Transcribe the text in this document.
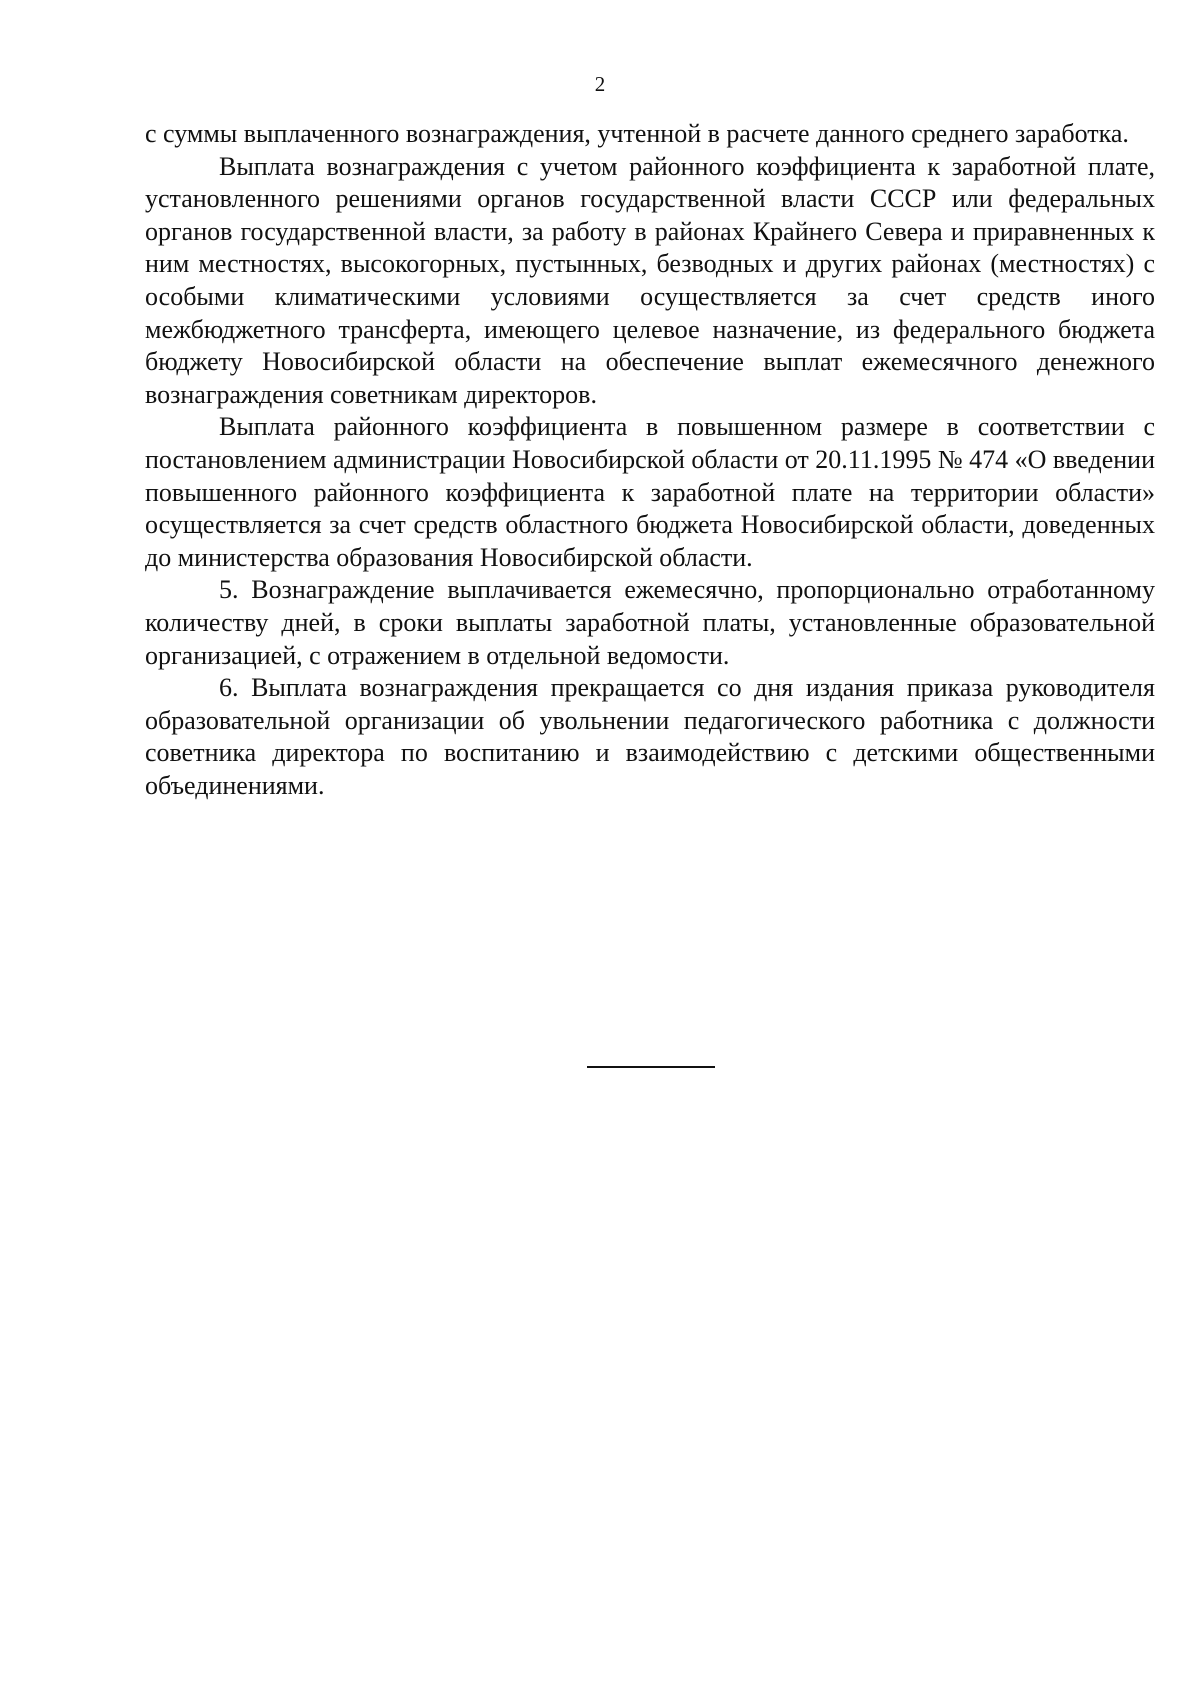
2

с суммы выплаченного вознаграждения, учтенной в расчете данного среднего заработка.

Выплата вознаграждения с учетом районного коэффициента к заработной плате, установленного решениями органов государственной власти СССР или федеральных органов государственной власти, за работу в районах Крайнего Севера и приравненных к ним местностях, высокогорных, пустынных, безводных и других районах (местностях) с особыми климатическими условиями осуществляется за счет средств иного межбюджетного трансферта, имеющего целевое назначение, из федерального бюджета бюджету Новосибирской области на обеспечение выплат ежемесячного денежного вознаграждения советникам директоров.

Выплата районного коэффициента в повышенном размере в соответствии с постановлением администрации Новосибирской области от 20.11.1995 № 474 «О введении повышенного районного коэффициента к заработной плате на территории области» осуществляется за счет средств областного бюджета Новосибирской области, доведенных до министерства образования Новосибирской области.

5. Вознаграждение выплачивается ежемесячно, пропорционально отработанному количеству дней, в сроки выплаты заработной платы, установленные образовательной организацией, с отражением в отдельной ведомости.

6. Выплата вознаграждения прекращается со дня издания приказа руководителя образовательной организации об увольнении педагогического работника с должности советника директора по воспитанию и взаимодействию с детскими общественными объединениями.
